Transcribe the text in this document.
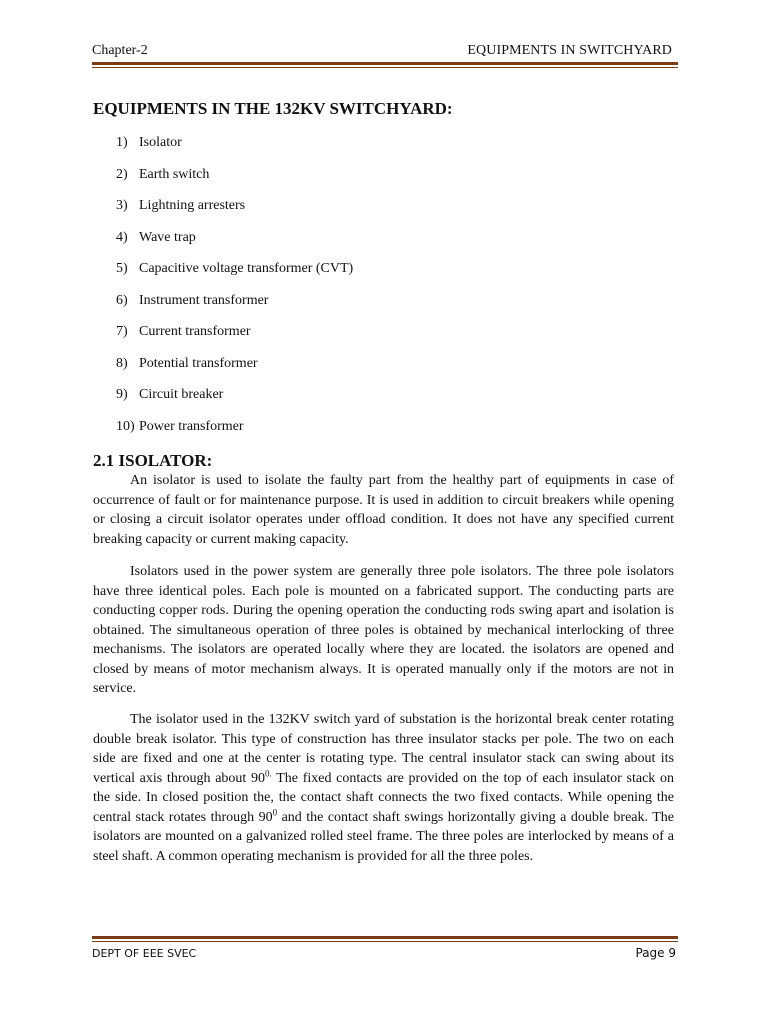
Chapter-2	EQUIPMENTS IN SWITCHYARD
EQUIPMENTS IN THE 132KV SWITCHYARD:
1) Isolator
2) Earth switch
3) Lightning arresters
4) Wave trap
5) Capacitive voltage transformer (CVT)
6) Instrument transformer
7) Current transformer
8) Potential transformer
9) Circuit breaker
10) Power transformer
2.1 ISOLATOR:

An isolator is used to isolate the faulty part from the healthy part of equipments in case of occurrence of fault or for maintenance purpose. It is used in addition to circuit breakers while opening or closing a circuit isolator operates under offload condition. It does not have any specified current breaking capacity or current making capacity.

Isolators used in the power system are generally three pole isolators. The three pole isolators have three identical poles. Each pole is mounted on a fabricated support. The conducting parts are conducting copper rods. During the opening operation the conducting rods swing apart and isolation is obtained. The simultaneous operation of three poles is obtained by mechanical interlocking of three mechanisms. The isolators are operated locally where they are located. the isolators are opened and closed by means of motor mechanism always. It is operated manually only if the motors are not in service.

The isolator used in the 132KV switch yard of substation is the horizontal break center rotating double break isolator. This type of construction has three insulator stacks per pole. The two on each side are fixed and one at the center is rotating type. The central insulator stack can swing about its vertical axis through about $90^{0.}$ The fixed contacts are provided on the top of each insulator stack on the side. In closed position the, the contact shaft connects the two fixed contacts. While opening the central stack rotates through $90^0$ and the contact shaft swings horizontally giving a double break. The isolators are mounted on a galvanized rolled steel frame. The three poles are interlocked by means of a steel shaft. A common operating mechanism is provided for all the three poles.

DEPT OF EEE SVEC	Page 9
